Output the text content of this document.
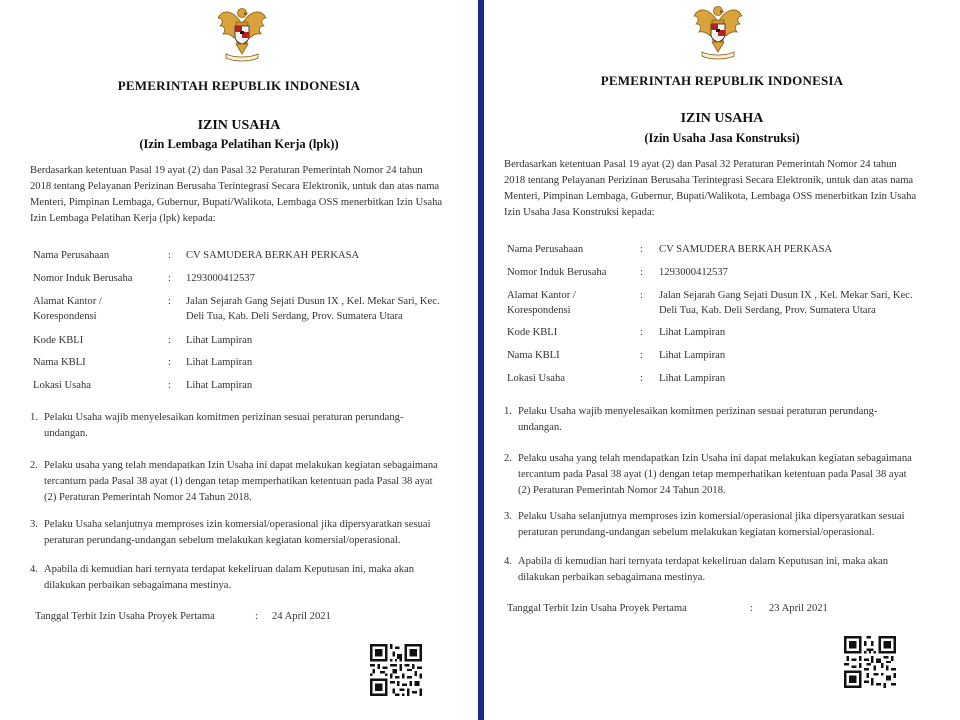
PEMERINTAH REPUBLIK INDONESIA
IZIN USAHA
(Izin Lembaga Pelatihan Kerja (lpk))
Berdasarkan ketentuan Pasal 19 ayat (2) dan Pasal 32 Peraturan Pemerintah Nomor 24 tahun
2018 tentang Pelayanan Perizinan Berusaha Terintegrasi Secara Elektronik, untuk dan atas nama
Menteri, Pimpinan Lembaga, Gubernur, Bupati/Walikota, Lembaga OSS menerbitkan Izin Usaha
Izin Lembaga Pelatihan Kerja (lpk) kepada:
Nama Perusahaan	: CV SAMUDERA BERKAH PERKASA
Nomor Induk Berusaha	: 1293000412537
Alamat Kantor /
Korespondensi
: Jalan Sejarah Gang Sejati Dusun IX , Kel. Mekar Sari, Kec.
Deli Tua, Kab. Deli Serdang, Prov. Sumatera Utara
Kode KBLI	: Lihat Lampiran
Nama KBLI	: Lihat Lampiran
Lokasi Usaha	: Lihat Lampiran
1. Pelaku Usaha wajib menyelesaikan komitmen perizinan sesuai peraturan perundang-
undangan.
2. Pelaku usaha yang telah mendapatkan Izin Usaha ini dapat melakukan kegiatan sebagaimana
tercantum pada Pasal 38 ayat (1) dengan tetap memperhatikan ketentuan pada Pasal 38 ayat
(2) Peraturan Pemerintah Nomor 24 Tahun 2018.
3. Pelaku Usaha selanjutnya memproses izin komersial/operasional jika dipersyaratkan sesuai
peraturan perundang-undangan sebelum melakukan kegiatan komersial/operasional.
4. Apabila di kemudian hari ternyata terdapat kekeliruan dalam Keputusan ini, maka akan
dilakukan perbaikan sebagaimana mestinya.
Tanggal Terbit Izin Usaha Proyek Pertama	: 24 April 2021
PEMERINTAH REPUBLIK INDONESIA
IZIN USAHA
(Izin Usaha Jasa Konstruksi)
Berdasarkan ketentuan Pasal 19 ayat (2) dan Pasal 32 Peraturan Pemerintah Nomor 24 tahun
2018 tentang Pelayanan Perizinan Berusaha Terintegrasi Secara Elektronik, untuk dan atas nama
Menteri, Pimpinan Lembaga, Gubernur, Bupati/Walikota, Lembaga OSS menerbitkan Izin Usaha
Izin Usaha Jasa Konstruksi kepada:
Nama Perusahaan	: CV SAMUDERA BERKAH PERKASA
Nomor Induk Berusaha	: 1293000412537
Alamat Kantor /
Korespondensi
: Jalan Sejarah Gang Sejati Dusun IX , Kel. Mekar Sari, Kec.
Deli Tua, Kab. Deli Serdang, Prov. Sumatera Utara
Kode KBLI	: Lihat Lampiran
Nama KBLI	: Lihat Lampiran
Lokasi Usaha	: Lihat Lampiran
1. Pelaku Usaha wajib menyelesaikan komitmen perizinan sesuai peraturan perundang-
undangan.
2. Pelaku usaha yang telah mendapatkan Izin Usaha ini dapat melakukan kegiatan sebagaimana
tercantum pada Pasal 38 ayat (1) dengan tetap memperhatikan ketentuan pada Pasal 38 ayat
(2) Peraturan Pemerintah Nomor 24 Tahun 2018.
3. Pelaku Usaha selanjutnya memproses izin komersial/operasional jika dipersyaratkan sesuai
peraturan perundang-undangan sebelum melakukan kegiatan komersial/operasional.
4. Apabila di kemudian hari ternyata terdapat kekeliruan dalam Keputusan ini, maka akan
dilakukan perbaikan sebagaimana mestinya.
Tanggal Terbit Izin Usaha Proyek Pertama	: 23 April 2021
